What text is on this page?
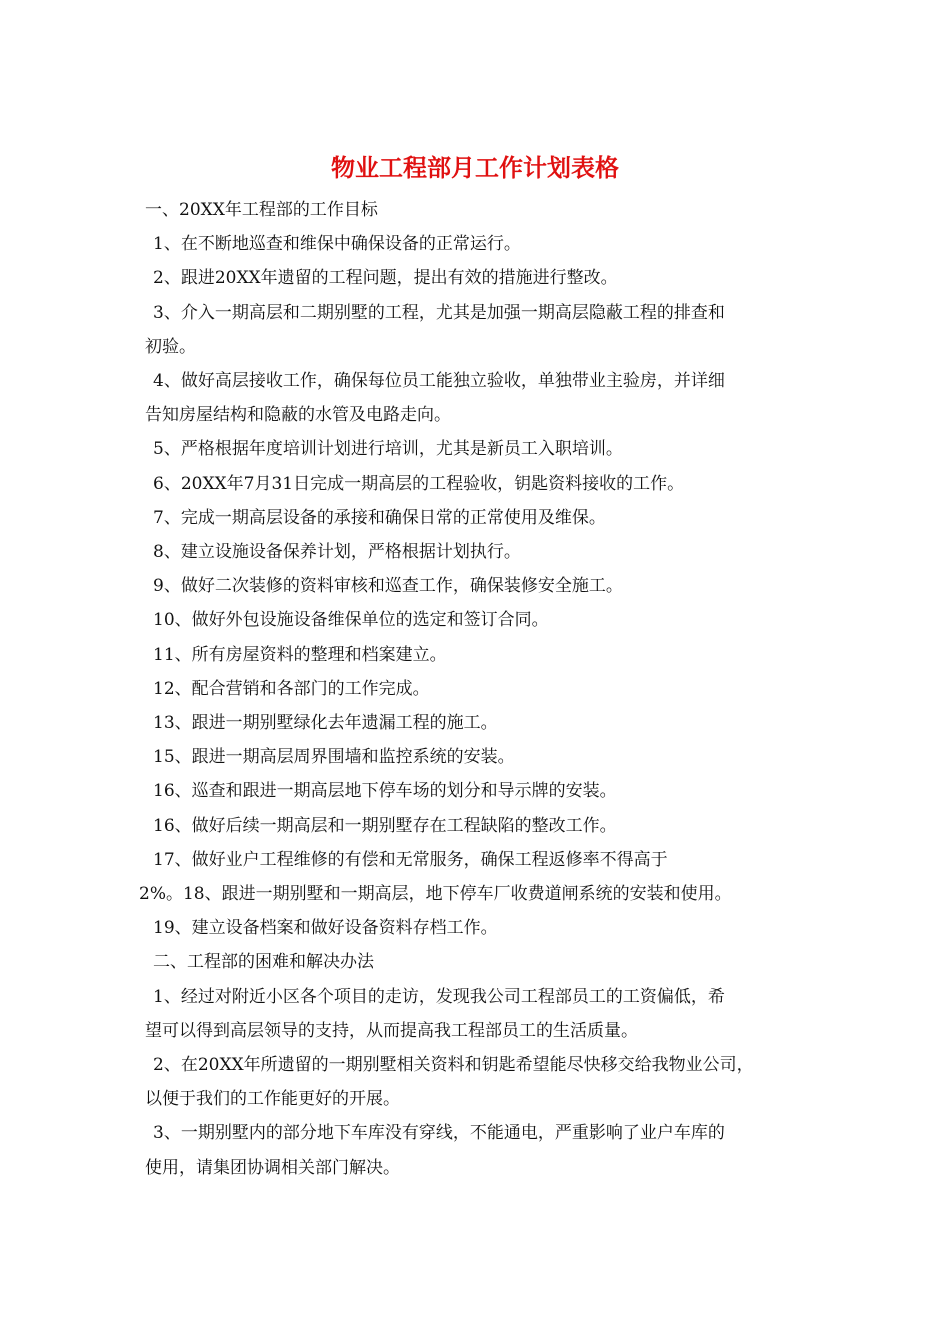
物业工程部月工作计划表格
一、20XX年工程部的工作目标
1、在不断地巡查和维保中确保设备的正常运行。
2、跟进20XX年遗留的工程问题，提出有效的措施进行整改。
3、介入一期高层和二期别墅的工程，尤其是加强一期高层隐蔽工程的排查和
初验。
4、做好高层接收工作，确保每位员工能独立验收，单独带业主验房，并详细
告知房屋结构和隐蔽的水管及电路走向。
5、严格根据年度培训计划进行培训，尤其是新员工入职培训。
6、20XX年7月31日完成一期高层的工程验收，钥匙资料接收的工作。
7、完成一期高层设备的承接和确保日常的正常使用及维保。
8、建立设施设备保养计划，严格根据计划执行。
9、做好二次装修的资料审核和巡查工作，确保装修安全施工。
10、做好外包设施设备维保单位的选定和签订合同。
11、所有房屋资料的整理和档案建立。
12、配合营销和各部门的工作完成。
13、跟进一期别墅绿化去年遗漏工程的施工。
15、跟进一期高层周界围墙和监控系统的安装。
16、巡查和跟进一期高层地下停车场的划分和导示牌的安装。
16、做好后续一期高层和一期别墅存在工程缺陷的整改工作。
17、做好业户工程维修的有偿和无常服务，确保工程返修率不得高于
2%。18、跟进一期别墅和一期高层，地下停车厂收费道闸系统的安装和使用。
19、建立设备档案和做好设备资料存档工作。
二、工程部的困难和解决办法
1、经过对附近小区各个项目的走访，发现我公司工程部员工的工资偏低，希
望可以得到高层领导的支持，从而提高我工程部员工的生活质量。
2、在20XX年所遗留的一期别墅相关资料和钥匙希望能尽快移交给我物业公司，
以便于我们的工作能更好的开展。
3、一期别墅内的部分地下车库没有穿线，不能通电，严重影响了业户车库的
使用，请集团协调相关部门解决。
